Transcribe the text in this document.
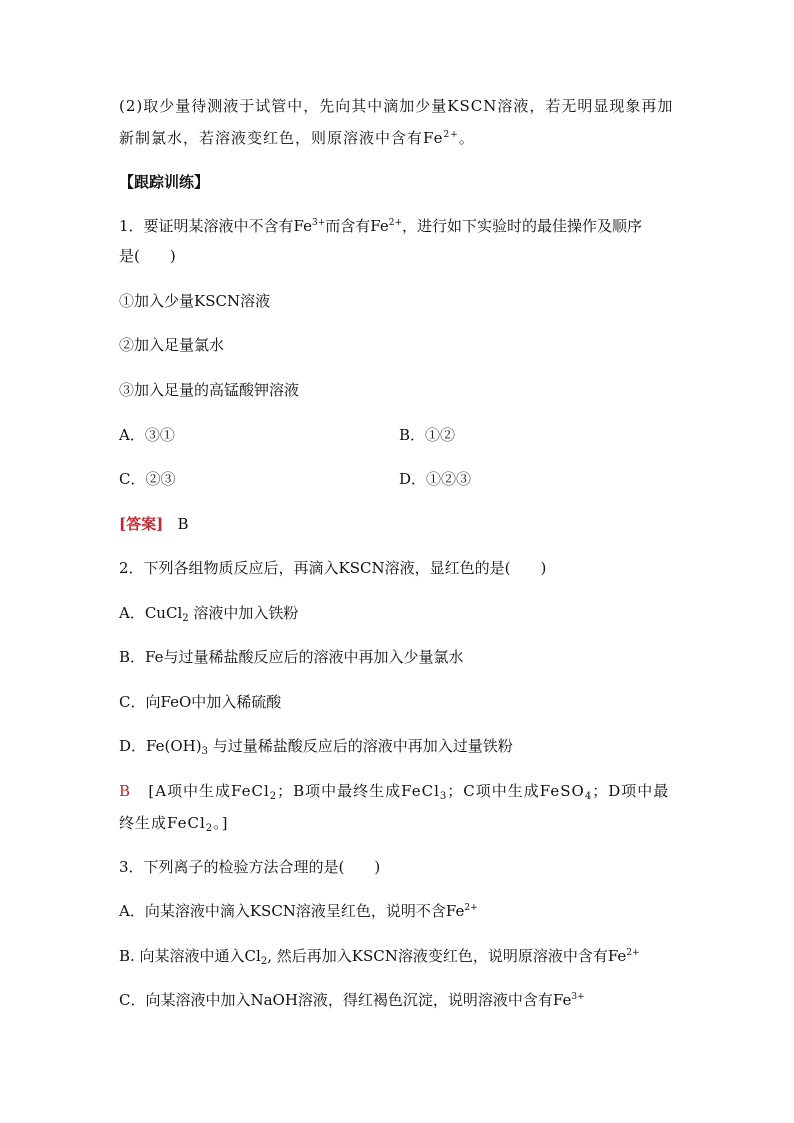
(2)取少量待测液于试管中，先向其中滴加少量KSCN溶液，若无明显现象再加
新制氯水，若溶液变红色，则原溶液中含有$Fe^{2+}$。
【跟踪训练】
1．要证明某溶液中不含有$Fe^{3+}$而含有$Fe^{2+}$，进行如下实验时的最佳操作及顺序
是(　　)
①加入少量KSCN溶液
②加入足量氯水
③加入足量的高锰酸钾溶液
A．③①	B．①②
C．②③	D．①②③
[答案] B
2．下列各组物质反应后，再滴入KSCN溶液，显红色的是(　　)
A．CuCl$_2$ 溶液中加入铁粉
B．Fe与过量稀盐酸反应后的溶液中再加入少量氯水
C．向FeO中加入稀硫酸
D．$Fe(OH)_3$ 与过量稀盐酸反应后的溶液中再加入过量铁粉
B [A项中生成FeCl$_2$；B项中最终生成FeCl$_3$；C项中生成FeSO$_4$；D项中最
终生成FeCl$_2$。]
3．下列离子的检验方法合理的是(　　)
A．向某溶液中滴入KSCN溶液呈红色，说明不含$Fe^{2+}$
B. 向某溶液中通入$Cl_2$, 然后再加入KSCN溶液变红色，说明原溶液中含有$Fe^{2+}$
C．向某溶液中加入NaOH溶液，得红褐色沉淀，说明溶液中含有$Fe^{3+}$
